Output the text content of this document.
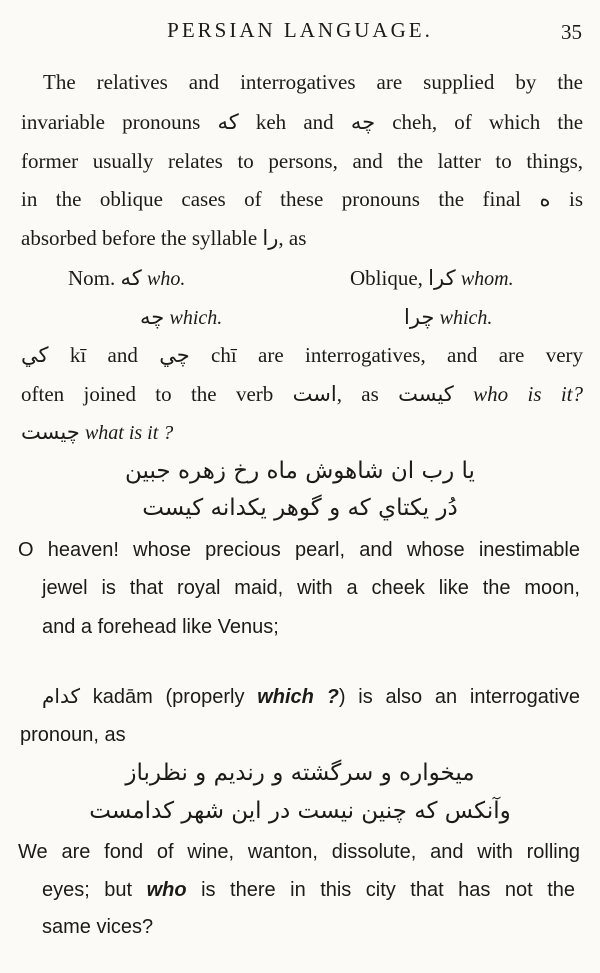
PERSIAN LANGUAGE.	35
The relatives and interrogatives are supplied by the
invariable pronouns که keh and چه cheh, of which the
former usually relates to persons, and the latter to things,
in the oblique cases of these pronouns the final ه is
absorbed before the syllable را, as
Nom. كه who.	Oblique, كرا whom.
چه which.	چرا which.
كي kī and چي chī are interrogatives, and are very
often joined to the verb است, as كيست who is it?
چيست what is it ?
يا رب ان شاهوش ماه رخ زهره جبين
دُر يكتاي كه و گوهر يكدانه كيست
O heaven! whose precious pearl, and whose inestimable
jewel is that royal maid, with a cheek like the moon,
and a forehead like Venus;
كدام kadām (properly which ?) is also an interrogative
pronoun, as
ميخواره و سرگشته و رنديم و نظرباز
وآنكس كه چنين نيست در اين شهر كدامست
We are fond of wine, wanton, dissolute, and with rolling
eyes; but who is there in this city that has not the
same vices?
